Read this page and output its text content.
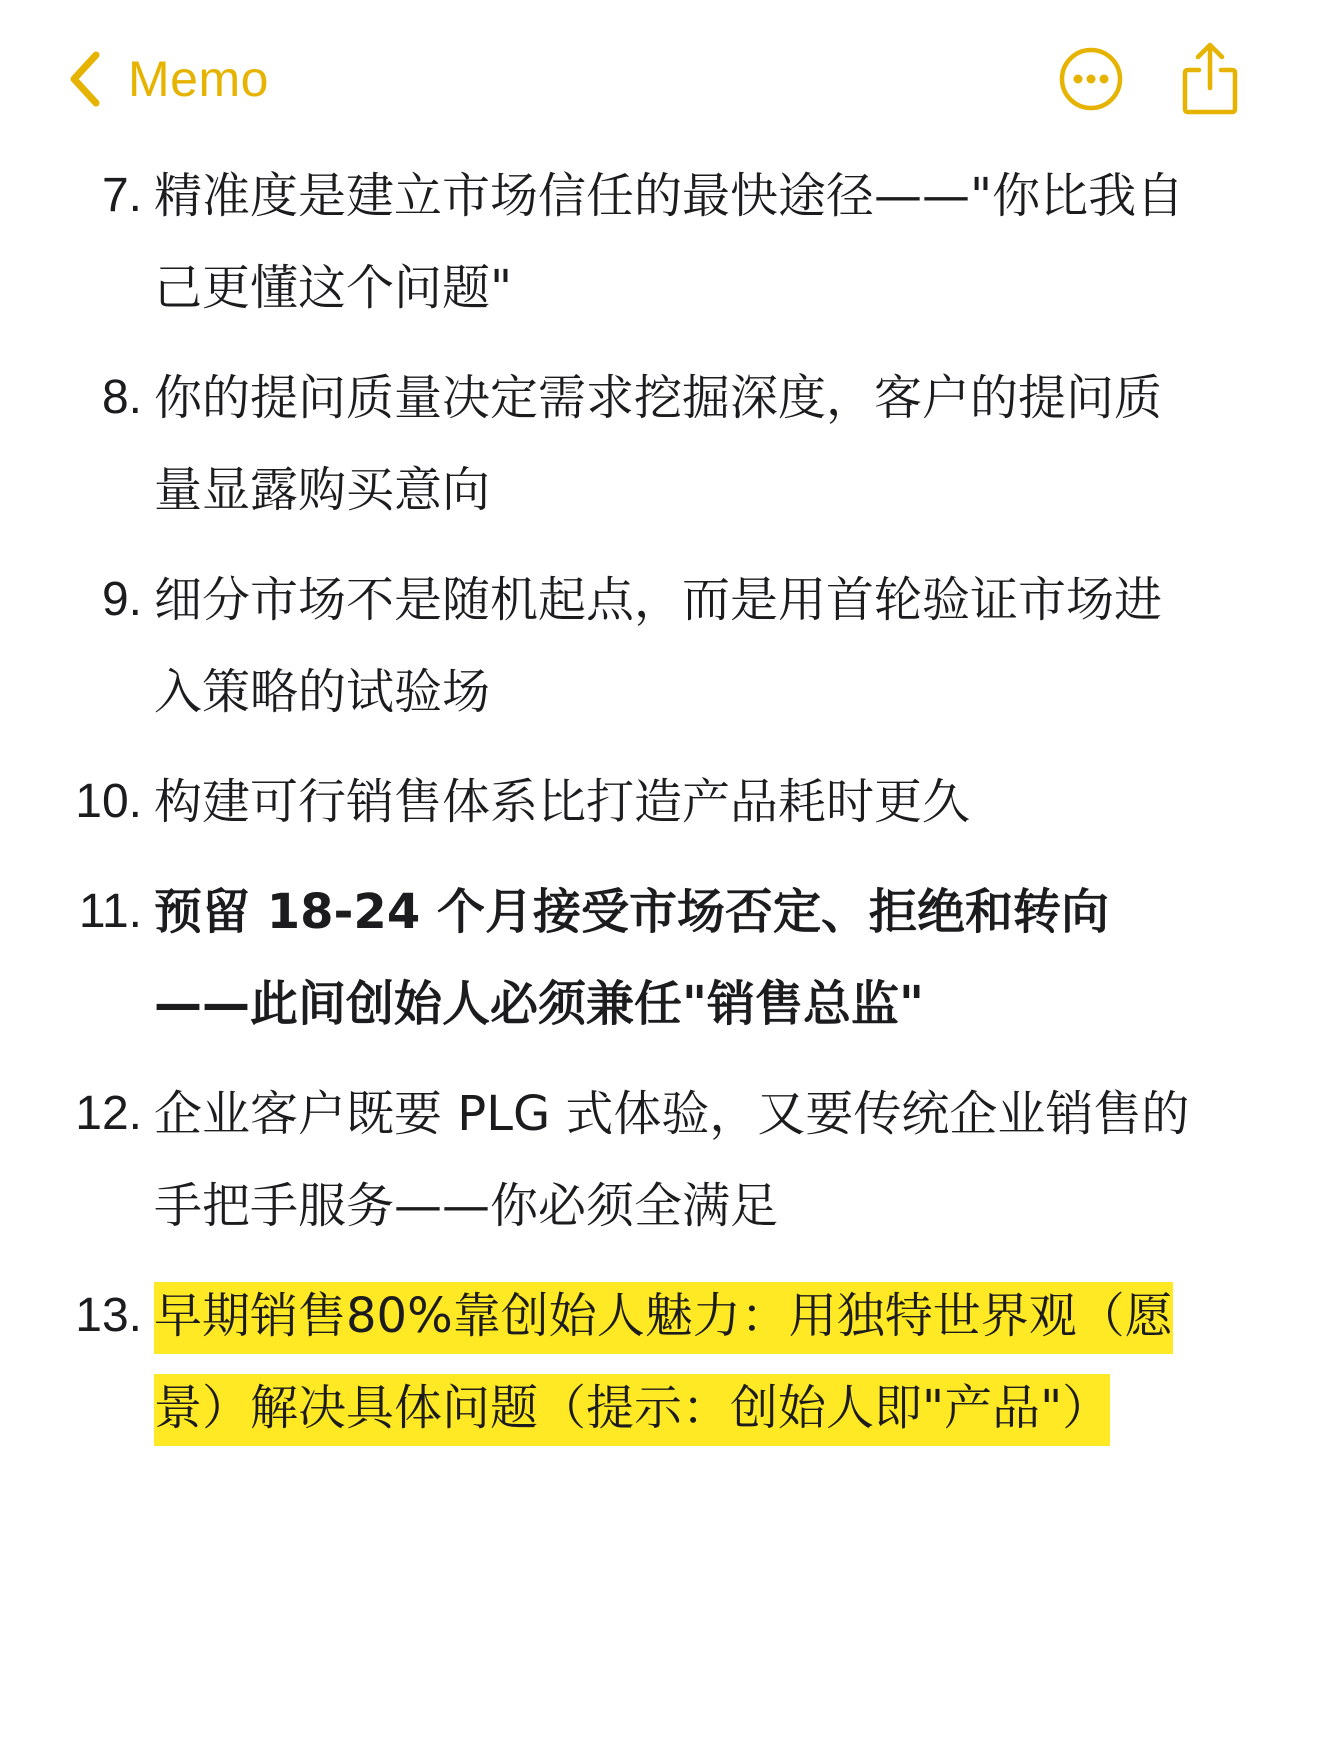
Memo
7. 精准度是建立市场信任的最快途径——"你比我自己更懂这个问题"
8. 你的提问质量决定需求挖掘深度，客户的提问质量显露购买意向
9. 细分市场不是随机起点，而是用首轮验证市场进入策略的试验场
10. 构建可行销售体系比打造产品耗时更久
11. 预留 18-24 个月接受市场否定、拒绝和转向——此间创始人必须兼任"销售总监"
12. 企业客户既要 PLG 式体验，又要传统企业销售的手把手服务——你必须全满足
13. 早期销售80%靠创始人魅力：用独特世界观（愿景）解决具体问题（提示：创始人即"产品"）
